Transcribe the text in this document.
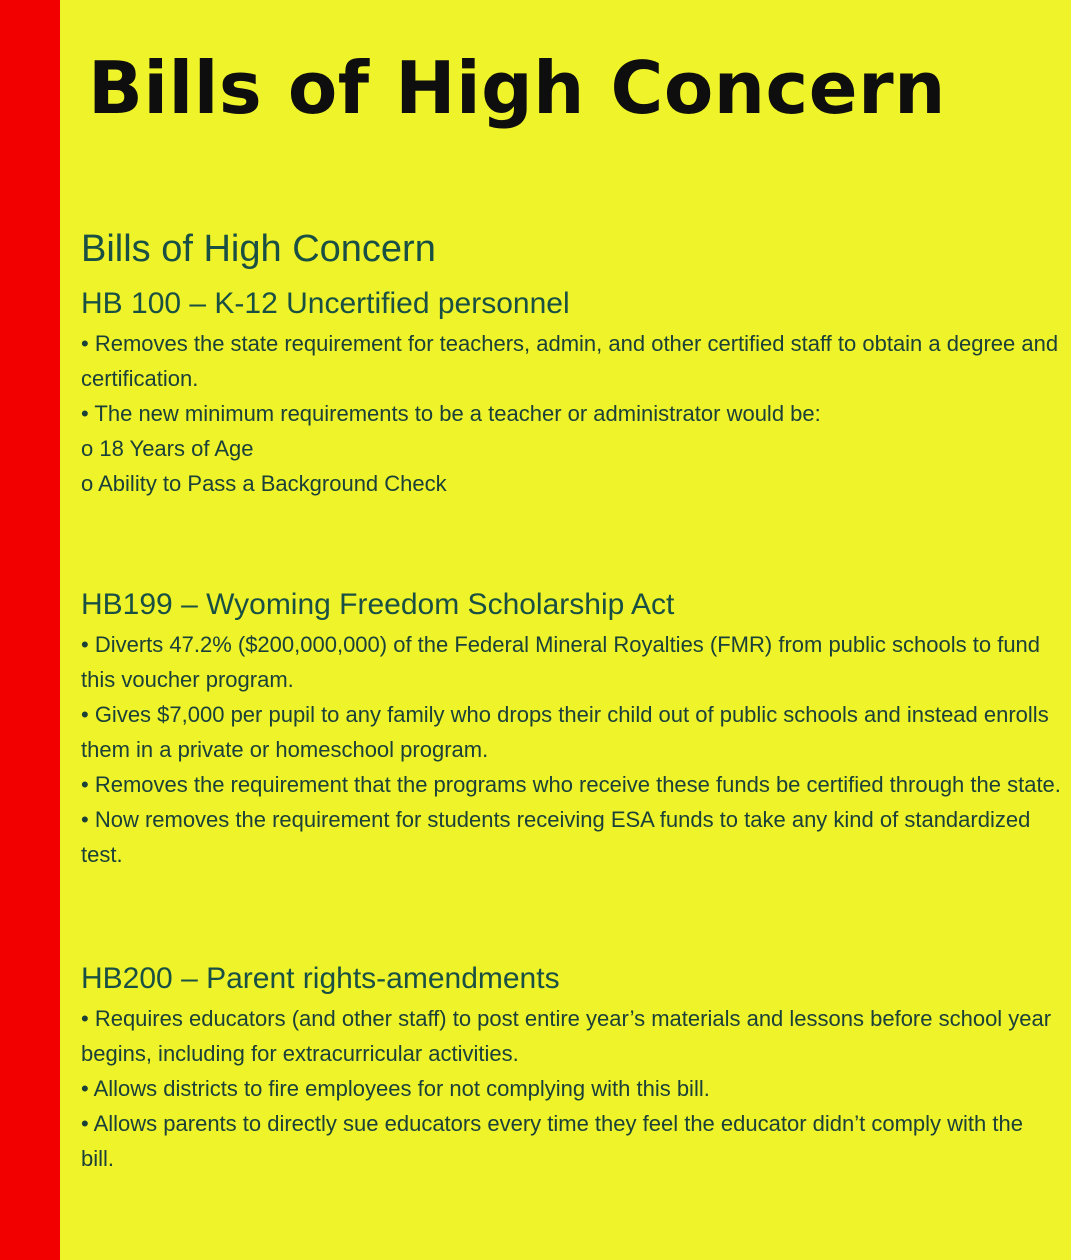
Bills of High Concern
Bills of High Concern
HB 100 – K-12 Uncertified personnel
• Removes the state requirement for teachers, admin, and other certified staff to obtain a degree and certification.
• The new minimum requirements to be a teacher or administrator would be:
o 18 Years of Age
o Ability to Pass a Background Check
HB199 – Wyoming Freedom Scholarship Act
• Diverts 47.2% ($200,000,000) of the Federal Mineral Royalties (FMR) from public schools to fund this voucher program.
• Gives $7,000 per pupil to any family who drops their child out of public schools and instead enrolls them in a private or homeschool program.
• Removes the requirement that the programs who receive these funds be certified through the state.
• Now removes the requirement for students receiving ESA funds to take any kind of standardized test.
HB200 – Parent rights-amendments
• Requires educators (and other staff) to post entire year’s materials and lessons before school year begins, including for extracurricular activities.
• Allows districts to fire employees for not complying with this bill.
• Allows parents to directly sue educators every time they feel the educator didn’t comply with the bill.
